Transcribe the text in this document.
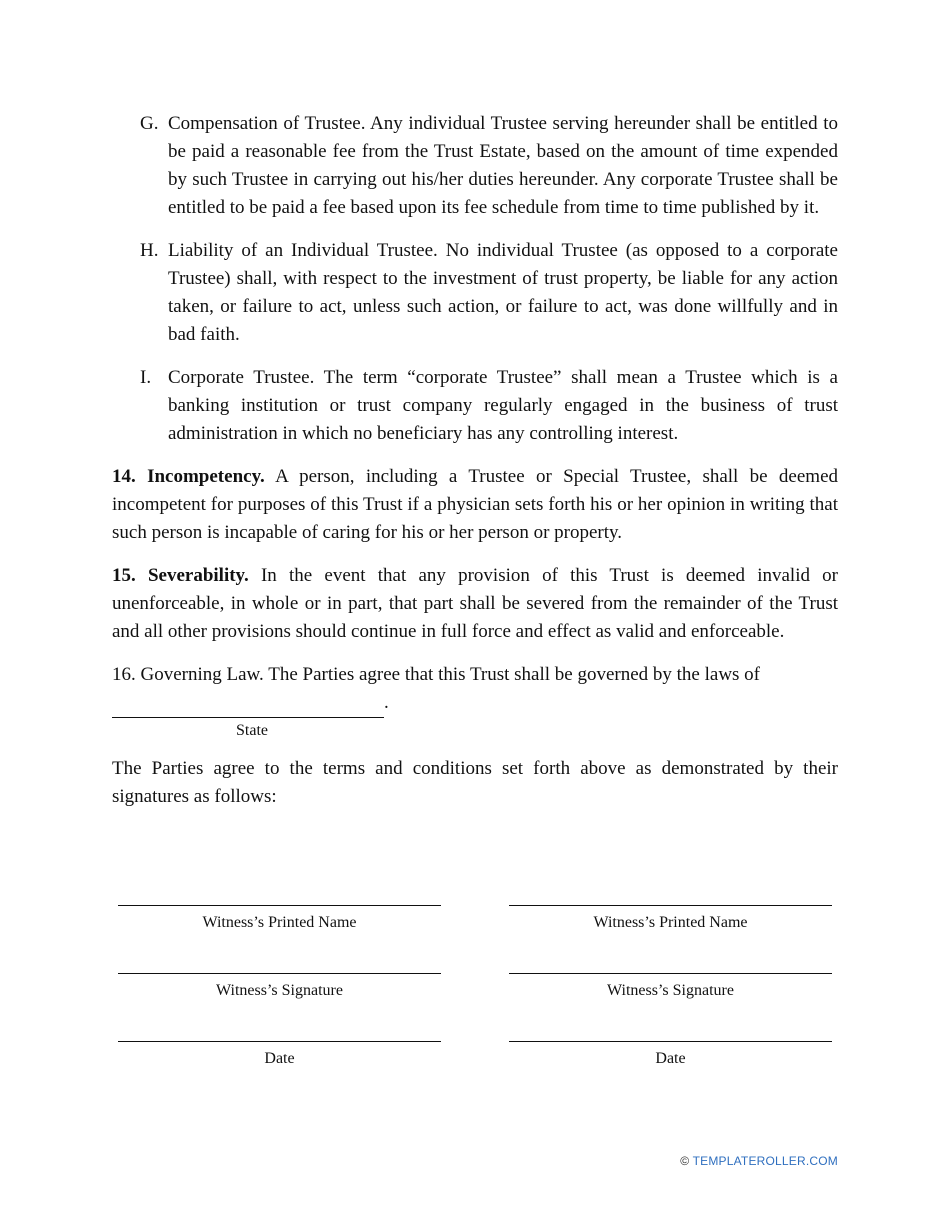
G. Compensation of Trustee. Any individual Trustee serving hereunder shall be entitled to be paid a reasonable fee from the Trust Estate, based on the amount of time expended by such Trustee in carrying out his/her duties hereunder. Any corporate Trustee shall be entitled to be paid a fee based upon its fee schedule from time to time published by it.

H. Liability of an Individual Trustee. No individual Trustee (as opposed to a corporate Trustee) shall, with respect to the investment of trust property, be liable for any action taken, or failure to act, unless such action, or failure to act, was done willfully and in bad faith.

I. Corporate Trustee. The term “corporate Trustee” shall mean a Trustee which is a banking institution or trust company regularly engaged in the business of trust administration in which no beneficiary has any controlling interest.

14. Incompetency. A person, including a Trustee or Special Trustee, shall be deemed incompetent for purposes of this Trust if a physician sets forth his or her opinion in writing that such person is incapable of caring for his or her person or property.

15. Severability. In the event that any provision of this Trust is deemed invalid or unenforceable, in whole or in part, that part shall be severed from the remainder of the Trust and all other provisions should continue in full force and effect as valid and enforceable.

16. Governing Law. The Parties agree that this Trust shall be governed by the laws of

.
State

The Parties agree to the terms and conditions set forth above as demonstrated by their signatures as follows:

Witness’s Printed Name	Witness’s Printed Name
Witness’s Signature	Witness’s Signature
Date	Date
© TEMPLATEROLLER.COM
